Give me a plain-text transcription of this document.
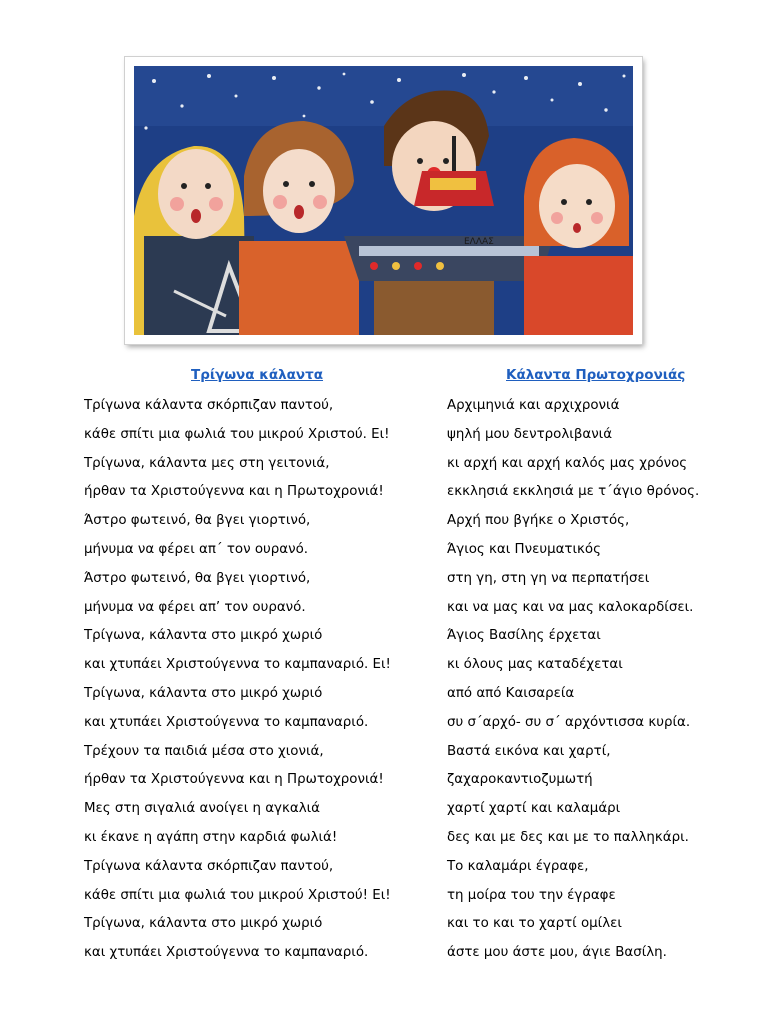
ΕΛΛΑΣ
Τρίγωνα κάλαντα
Τρίγωνα κάλαντα σκόρπιζαν παντού,
κάθε σπίτι μια φωλιά του μικρού Χριστού. Ει!
Τρίγωνα, κάλαντα μες στη γειτονιά,
ήρθαν τα Χριστούγεννα και η Πρωτοχρονιά!
Άστρο φωτεινό, θα βγει γιορτινό,
μήνυμα να φέρει απ΄ τον ουρανό.
Άστρο φωτεινό, θα βγει γιορτινό,
μήνυμα να φέρει απ’ τον ουρανό.
Τρίγωνα, κάλαντα στο μικρό χωριό
και χτυπάει Χριστούγεννα το καμπαναριό. Ει!
Τρίγωνα, κάλαντα στο μικρό χωριό
και χτυπάει Χριστούγεννα το καμπαναριό.
Τρέχουν τα παιδιά μέσα στο χιονιά,
ήρθαν τα Χριστούγεννα και η Πρωτοχρονιά!
Μες στη σιγαλιά ανοίγει η αγκαλιά
κι έκανε η αγάπη στην καρδιά φωλιά!
Τρίγωνα κάλαντα σκόρπιζαν παντού,
κάθε σπίτι μια φωλιά του μικρού Χριστού! Ει!
Τρίγωνα, κάλαντα στο μικρό χωριό
και χτυπάει Χριστούγεννα το καμπαναριό.
Κάλαντα Πρωτοχρονιάς
Αρχιμηνιά και αρχιχρονιά
ψηλή μου δεντρολιβανιά
κι αρχή και αρχή καλός μας χρόνος
εκκλησιά εκκλησιά με τ΄άγιο θρόνος.
Αρχή που βγήκε ο Χριστός,
Άγιος και Πνευματικός
στη γη, στη γη να περπατήσει
και να μας και να μας καλοκαρδίσει.
Άγιος Βασίλης έρχεται
κι όλους μας καταδέχεται
από από Καισαρεία
συ σ΄αρχό- συ σ΄ αρχόντισσα κυρία.
Βαστά εικόνα και χαρτί,
ζαχαροκαντιοζυμωτή
χαρτί χαρτί και καλαμάρι
δες και με δες και με το παλληκάρι.
Το καλαμάρι έγραφε,
τη μοίρα του την έγραφε
και το και το χαρτί ομίλει
άστε μου άστε μου, άγιε Βασίλη.
